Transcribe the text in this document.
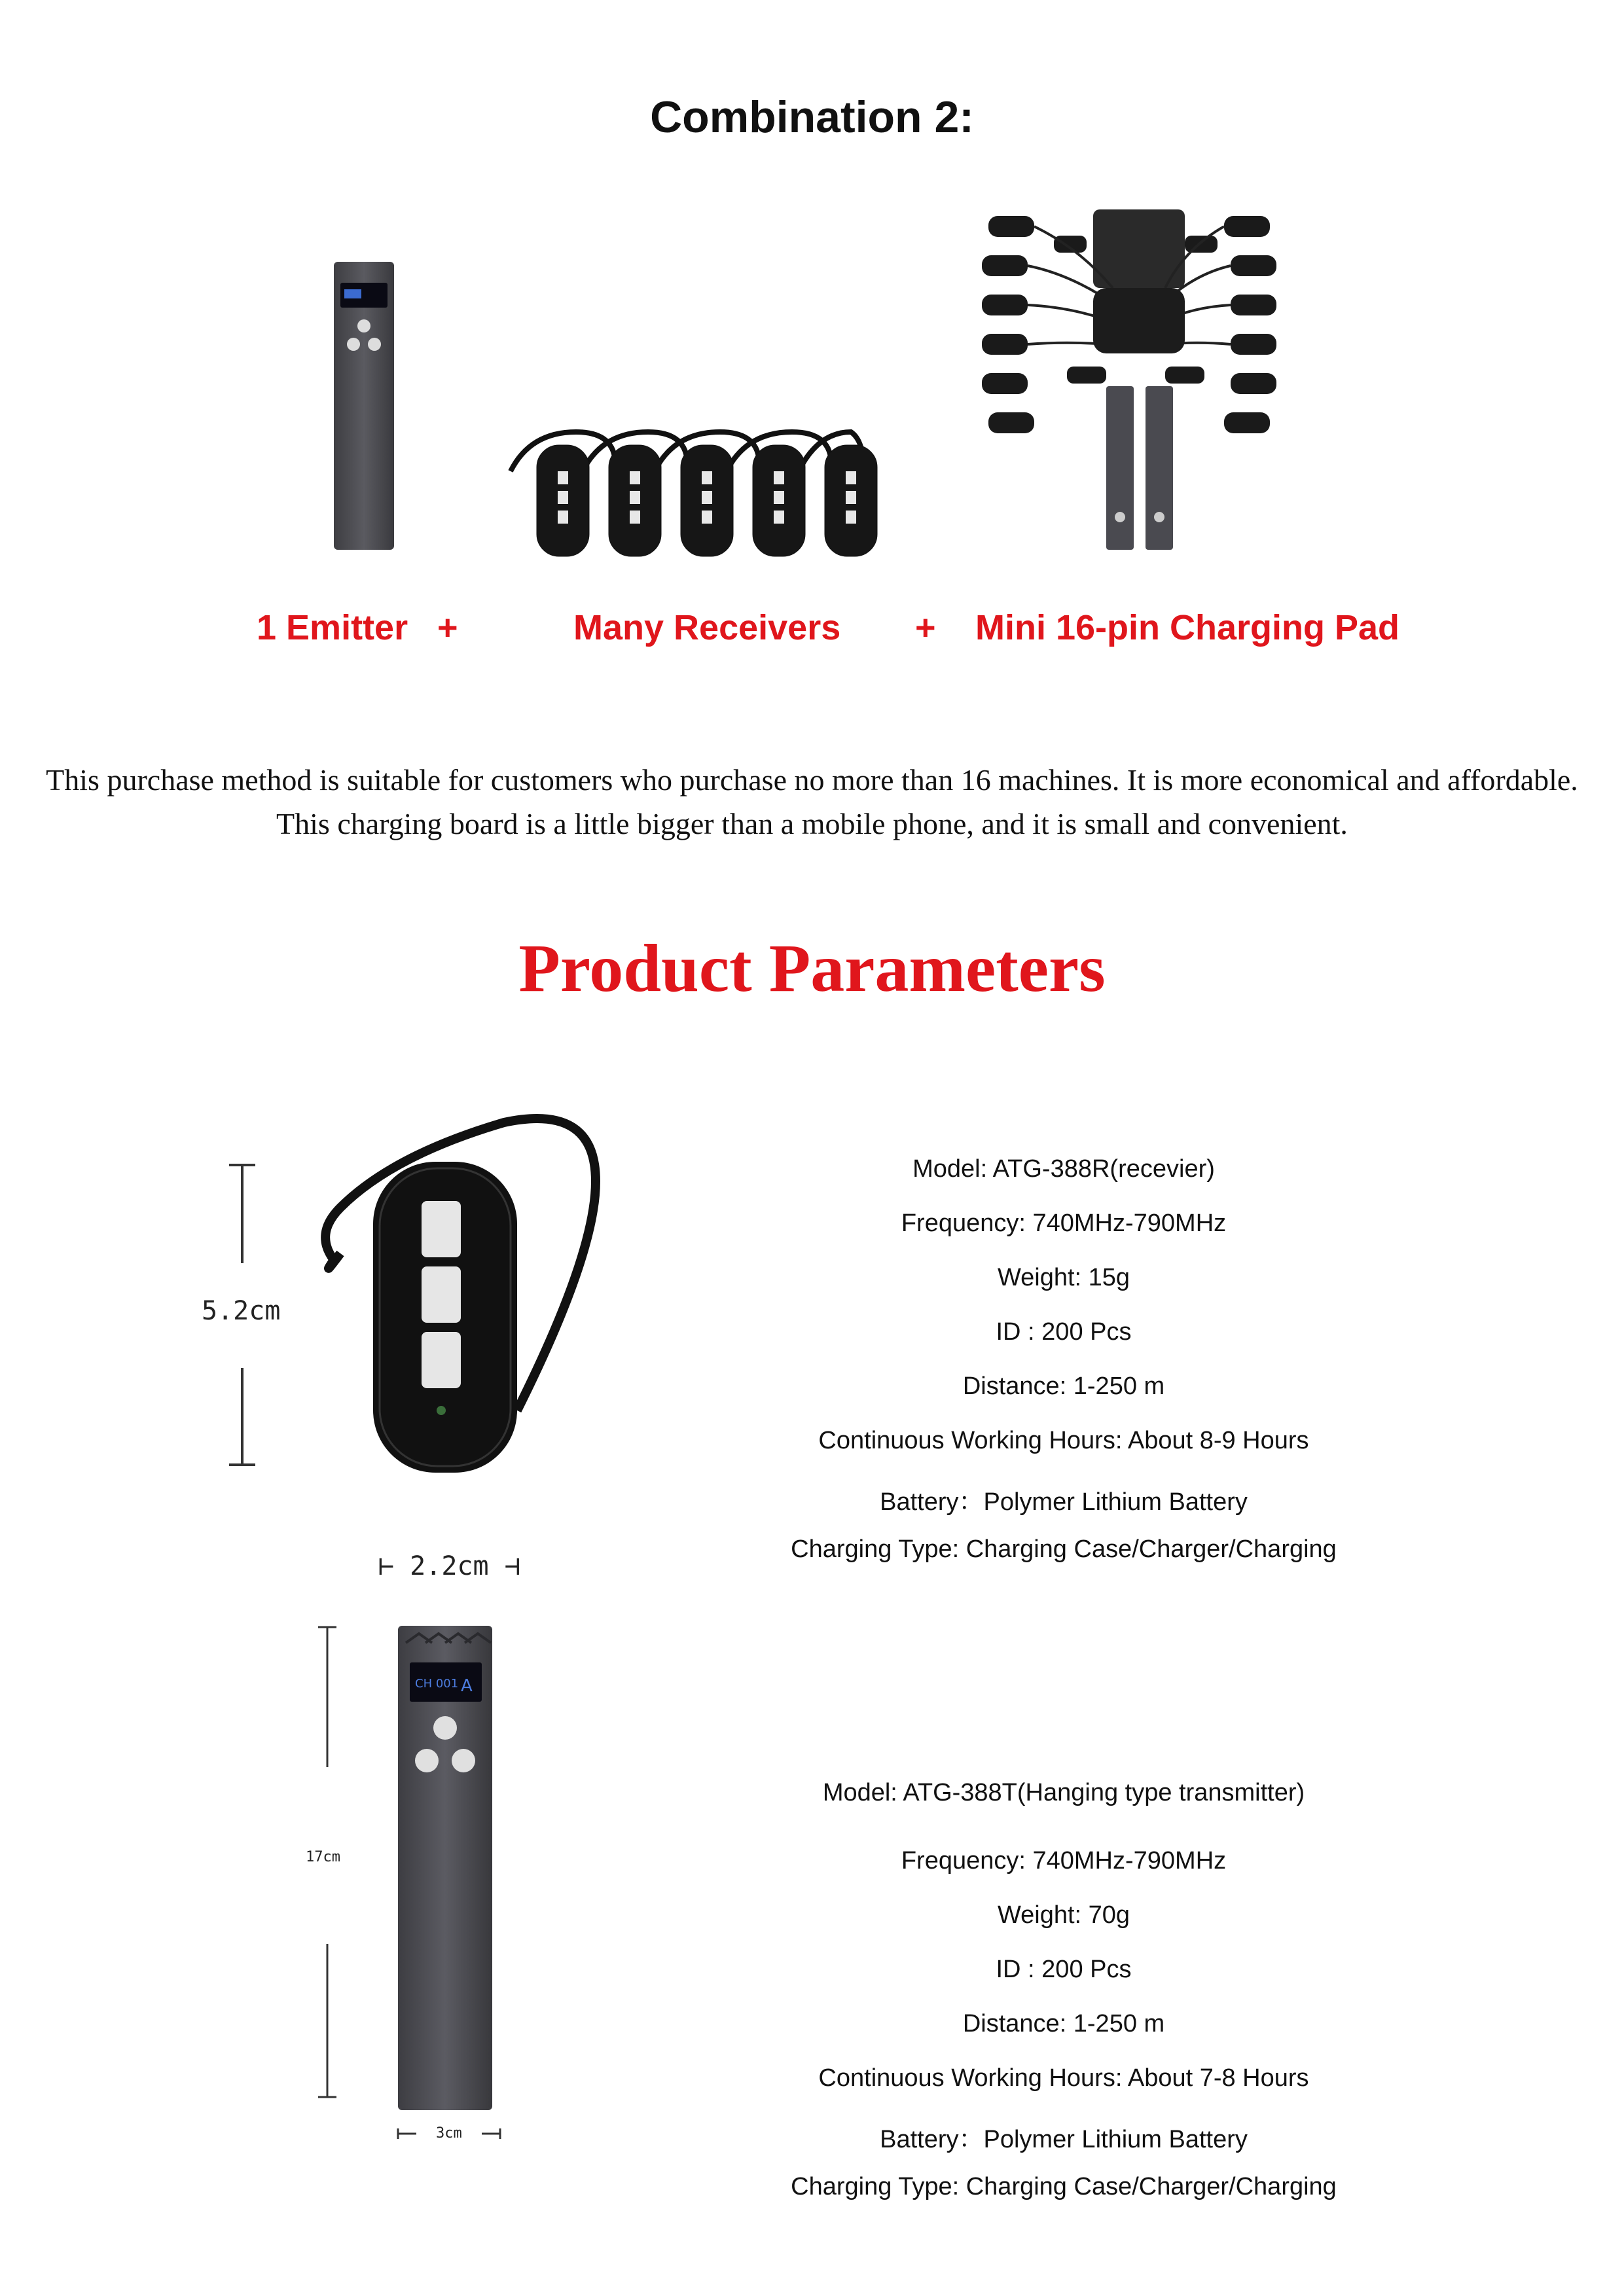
Combination 2:
1 Emitter +	Many Receivers + Mini 16-pin Charging Pad
This purchase method is suitable for customers who purchase no more than 16 machines. It is more economical and affordable.
This charging board is a little bigger than a mobile phone, and it is small and convenient.
Product Parameters
5.2cm
⊢ 2.2cm ⊣
Model: ATG-388R(recevier)
Frequency: 740MHz-790MHz
Weight: 15g
ID : 200 Pcs
Distance: 1-250 m
Continuous Working Hours: About 8-9 Hours
Battery：Polymer Lithium Battery
Charging Type: Charging Case/Charger/Charging
17cm
CH 001 A
3cm
Model: ATG-388T(Hanging type transmitter)
Frequency: 740MHz-790MHz
Weight: 70g
ID : 200 Pcs
Distance: 1-250 m
Continuous Working Hours: About 7-8 Hours
Battery：Polymer Lithium Battery
Charging Type: Charging Case/Charger/Charging
